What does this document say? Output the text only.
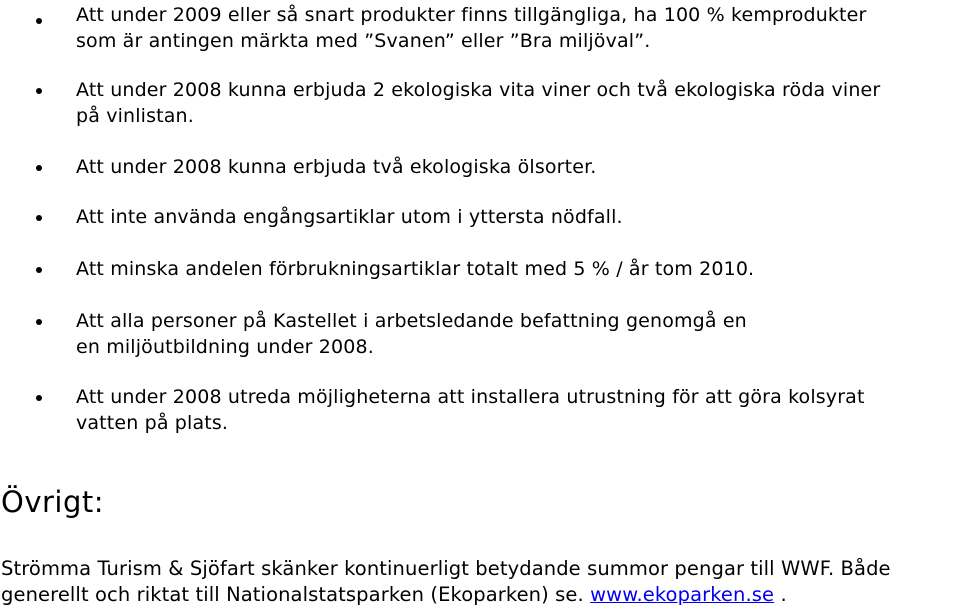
Att under 2009 eller så snart produkter finns tillgängliga, ha 100 % kemprodukter
som är antingen märkta med ”Svanen” eller ”Bra miljöval”.
Att under 2008 kunna erbjuda 2 ekologiska vita viner och två ekologiska röda viner
på vinlistan.
Att under 2008 kunna erbjuda två ekologiska ölsorter.
Att inte använda engångsartiklar utom i yttersta nödfall.
Att minska andelen förbrukningsartiklar totalt med 5 % / år tom 2010.
Att alla personer på Kastellet i arbetsledande befattning genomgå en
en miljöutbildning under 2008.
Att under 2008 utreda möjligheterna att installera utrustning för att göra kolsyrat
vatten på plats.
Övrigt:

Strömma Turism & Sjöfart skänker kontinuerligt betydande summor pengar till WWF. Både
generellt och riktat till Nationalstatsparken (Ekoparken) se. www.ekoparken.se .
